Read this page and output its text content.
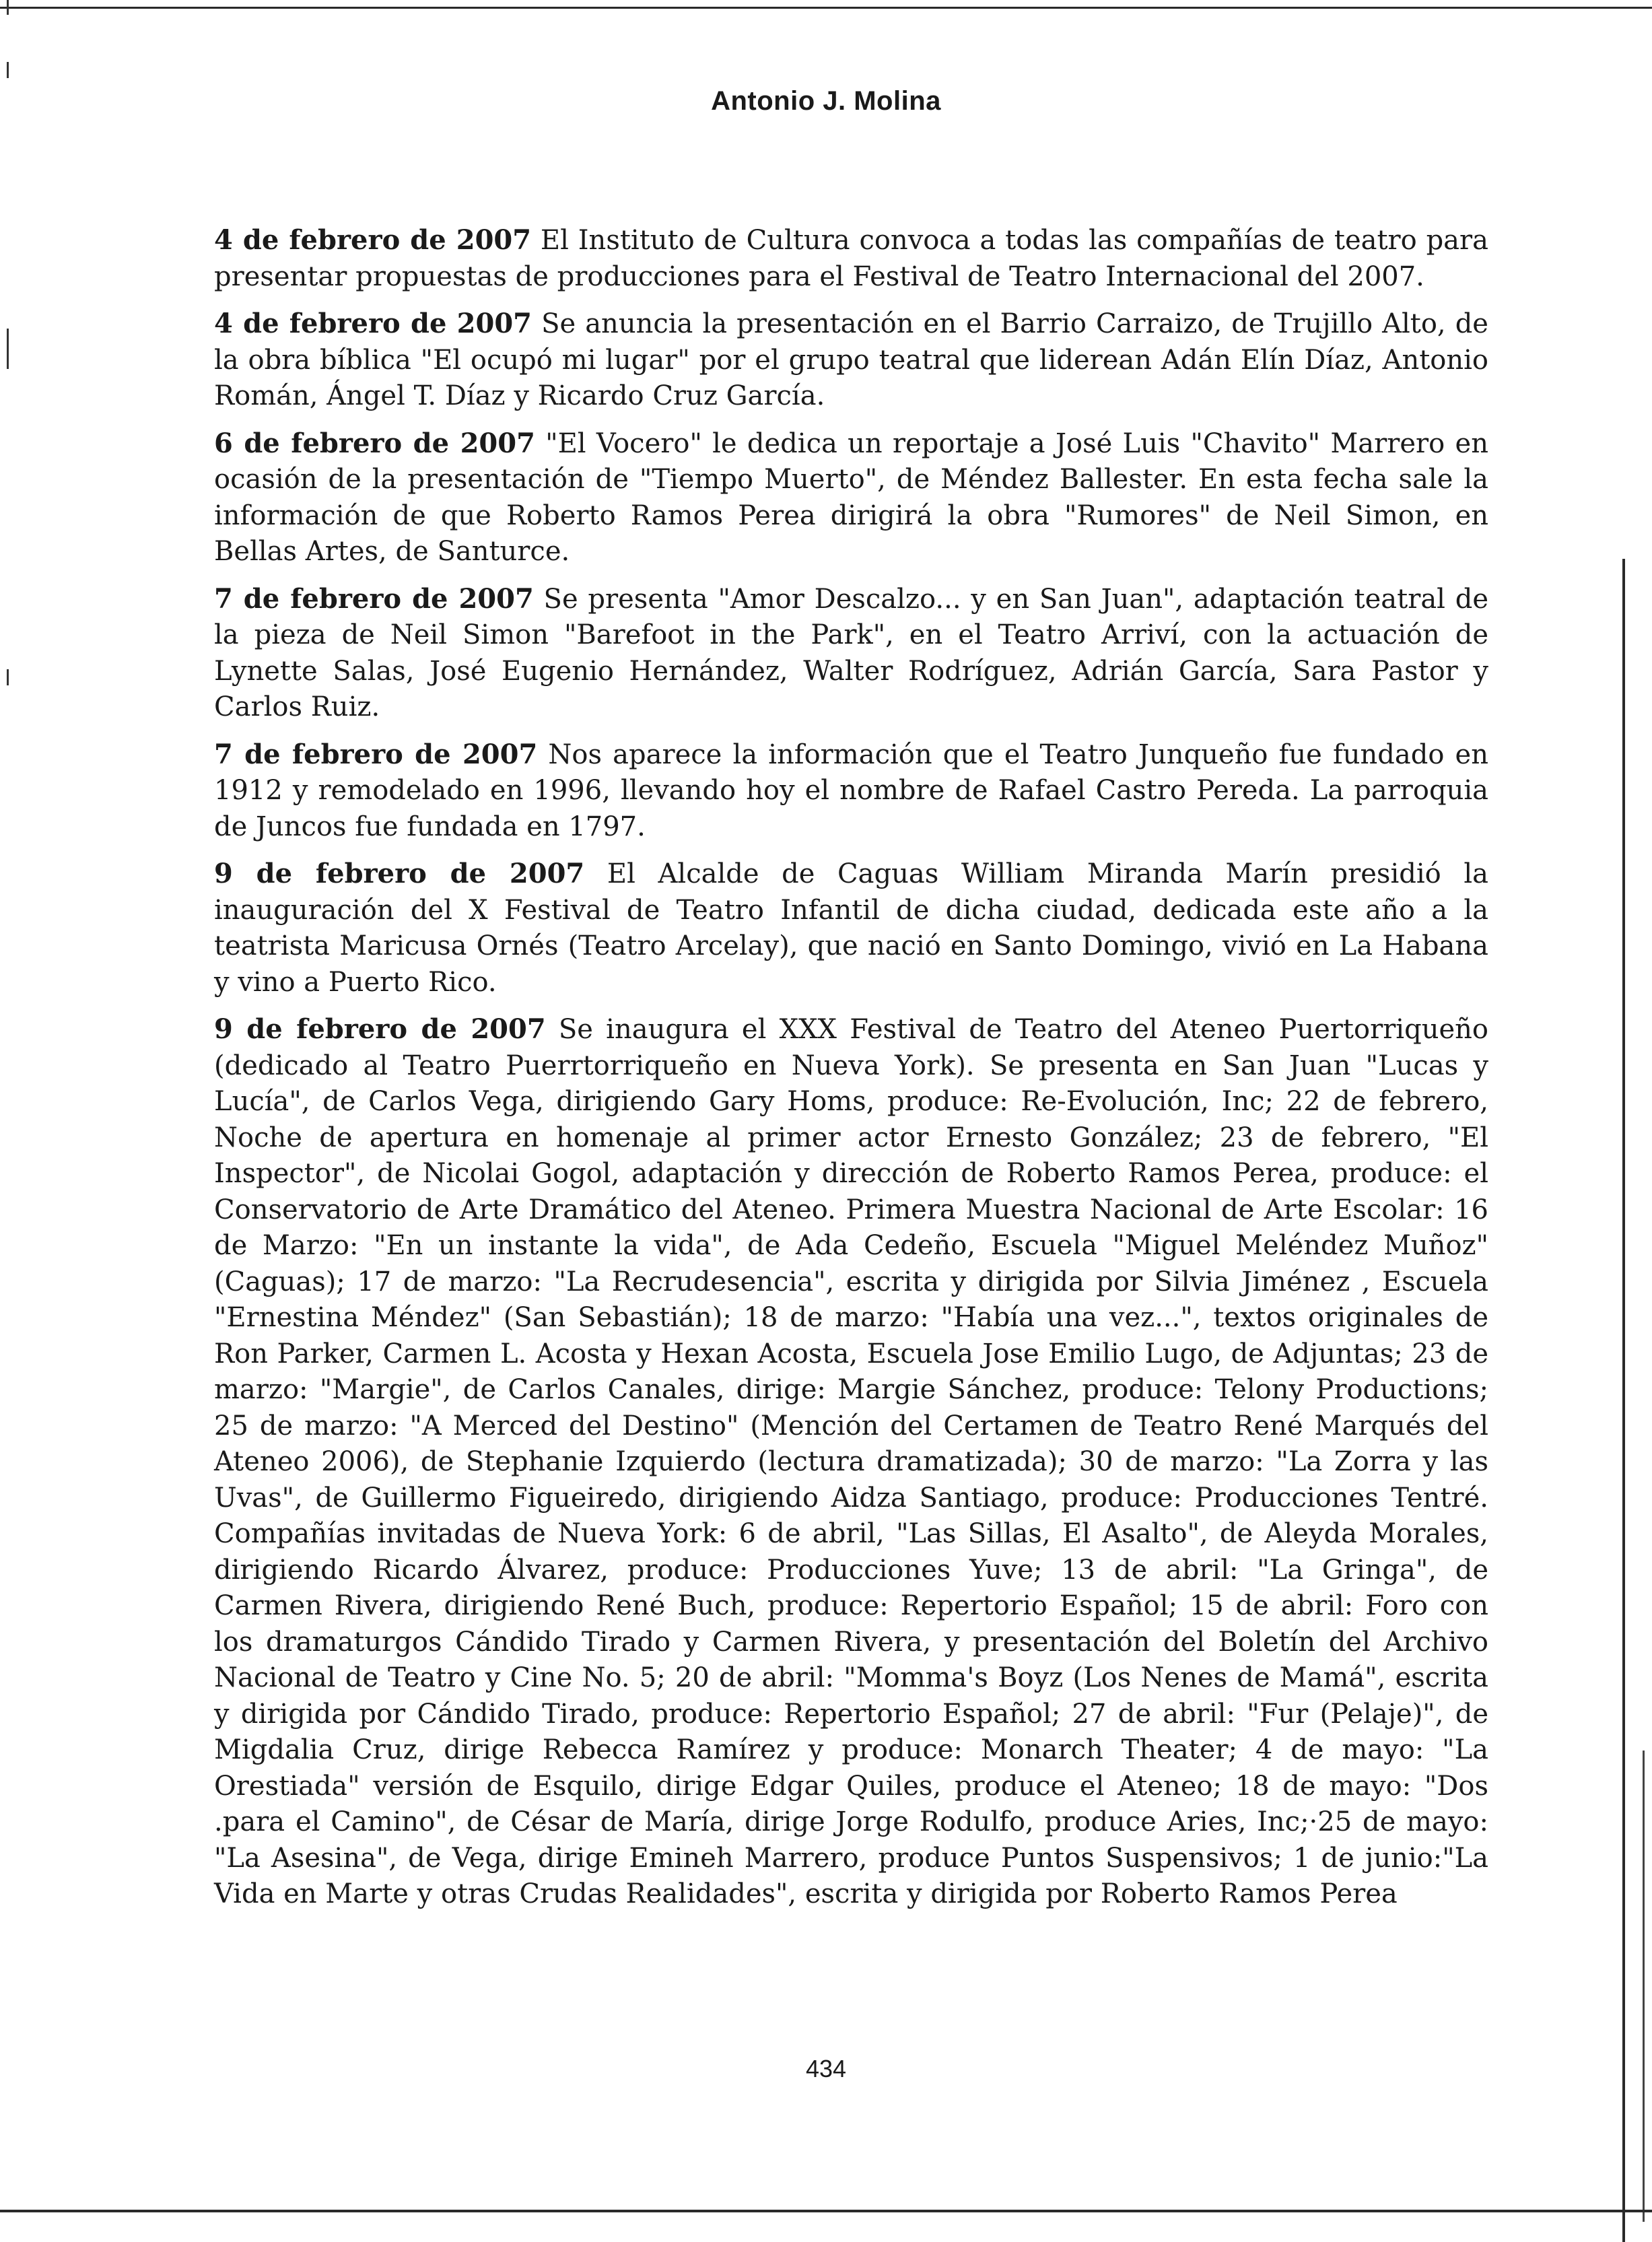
Antonio J. Molina

4 de febrero de 2007 El Instituto de Cultura convoca a todas las compañías de teatro para presentar propuestas de producciones para el Festival de Teatro Internacional del 2007.

4 de febrero de 2007 Se anuncia la presentación en el Barrio Carraizo, de Trujillo Alto, de la obra bíblica "El ocupó mi lugar" por el grupo teatral que liderean Adán Elín Díaz, Antonio Román, Ángel T. Díaz y Ricardo Cruz García.

6 de febrero de 2007 "El Vocero" le dedica un reportaje a José Luis "Chavito" Marrero en ocasión de la presentación de "Tiempo Muerto", de Méndez Ballester. En esta fecha sale la información de que Roberto Ramos Perea dirigirá la obra "Rumores" de Neil Simon, en Bellas Artes, de Santurce.

7 de febrero de 2007 Se presenta "Amor Descalzo... y en San Juan", adaptación teatral de la pieza de Neil Simon "Barefoot in the Park", en el Teatro Arriví, con la actuación de Lynette Salas, José Eugenio Hernández, Walter Rodríguez, Adrián García, Sara Pastor y Carlos Ruiz.

7 de febrero de 2007 Nos aparece la información que el Teatro Junqueño fue fundado en 1912 y remodelado en 1996, llevando hoy el nombre de Rafael Castro Pereda. La parroquia de Juncos fue fundada en 1797.

9 de febrero de 2007 El Alcalde de Caguas William Miranda Marín presidió la inauguración del X Festival de Teatro Infantil de dicha ciudad, dedicada este año a la teatrista Maricusa Ornés (Teatro Arcelay), que nació en Santo Domingo, vivió en La Habana y vino a Puerto Rico.

9 de febrero de 2007 Se inaugura el XXX Festival de Teatro del Ateneo Puertorriqueño (dedicado al Teatro Puerrtorriqueño en Nueva York). Se presenta en San Juan "Lucas y Lucía", de Carlos Vega, dirigiendo Gary Homs, produce: Re-Evolución, Inc; 22 de febrero, Noche de apertura en homenaje al primer actor Ernesto González; 23 de febrero, "El Inspector", de Nicolai Gogol, adaptación y dirección de Roberto Ramos Perea, produce: el Conservatorio de Arte Dramático del Ateneo. Primera Muestra Nacional de Arte Escolar: 16 de Marzo: "En un instante la vida", de Ada Cedeño, Escuela "Miguel Meléndez Muñoz" (Caguas); 17 de marzo: "La Recrudesencia", escrita y dirigida por Silvia Jiménez , Escuela "Ernestina Méndez" (San Sebastián); 18 de marzo: "Había una vez...", textos originales de Ron Parker, Carmen L. Acosta y Hexan Acosta, Escuela Jose Emilio Lugo, de Adjuntas; 23 de marzo: "Margie", de Carlos Canales, dirige: Margie Sánchez, produce: Telony Productions; 25 de marzo: "A Merced del Destino" (Mención del Certamen de Teatro René Marqués del Ateneo 2006), de Stephanie Izquierdo (lectura dramatizada); 30 de marzo: "La Zorra y las Uvas", de Guillermo Figueiredo, dirigiendo Aidza Santiago, produce: Producciones Tentré. Compañías invitadas de Nueva York: 6 de abril, "Las Sillas, El Asalto", de Aleyda Morales, dirigiendo Ricardo Álvarez, produce: Producciones Yuve; 13 de abril: "La Gringa", de Carmen Rivera, dirigiendo René Buch, produce: Repertorio Español; 15 de abril: Foro con los dramaturgos Cándido Tirado y Carmen Rivera, y presentación del Boletín del Archivo Nacional de Teatro y Cine No. 5; 20 de abril: "Momma's Boyz (Los Nenes de Mamá", escrita y dirigida por Cándido Tirado, produce: Repertorio Español; 27 de abril: "Fur (Pelaje)", de Migdalia Cruz, dirige Rebecca Ramírez y produce: Monarch Theater; 4 de mayo: "La Orestiada" versión de Esquilo, dirige Edgar Quiles, produce el Ateneo; 18 de mayo: "Dos .para el Camino", de César de María, dirige Jorge Rodulfo, produce Aries, Inc;·25 de mayo: "La Asesina", de Vega, dirige Emineh Marrero, produce Puntos Suspensivos; 1 de junio:"La Vida en Marte y otras Crudas Realidades", escrita y dirigida por Roberto Ramos Perea

434
